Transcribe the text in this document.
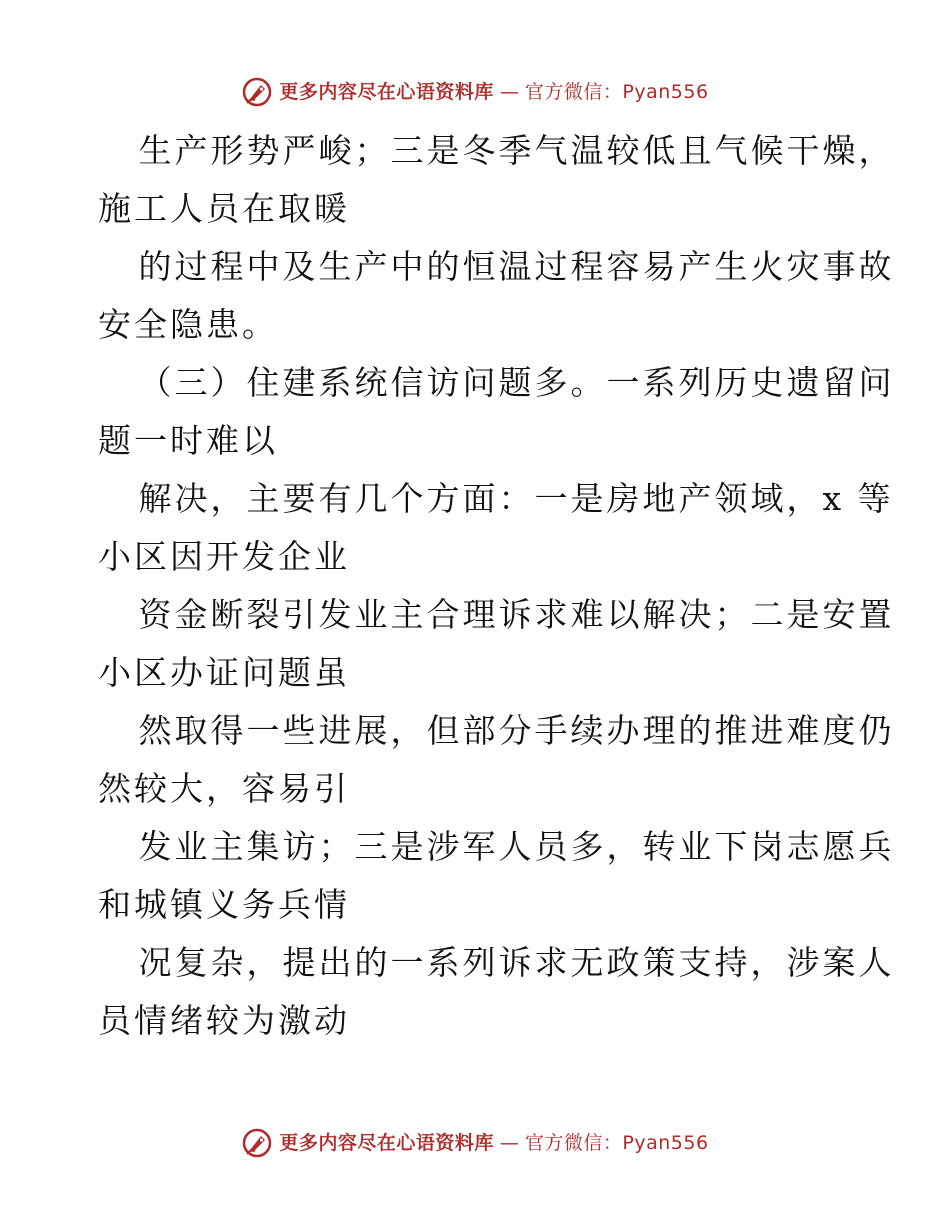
更多内容尽在心语资料库 — 官方微信：Pyan556

生产形势严峻；三是冬季气温较低且气候干燥，

施工人员在取暖

的过程中及生产中的恒温过程容易产生火灾事故

安全隐患。

（三）住建系统信访问题多。一系列历史遗留问

题一时难以

解决，主要有几个方面：一是房地产领域，x 等

小区因开发企业

资金断裂引发业主合理诉求难以解决；二是安置

小区办证问题虽

然取得一些进展，但部分手续办理的推进难度仍

然较大，容易引

发业主集访；三是涉军人员多，转业下岗志愿兵

和城镇义务兵情

况复杂，提出的一系列诉求无政策支持，涉案人

员情绪较为激动

更多内容尽在心语资料库 — 官方微信：Pyan556
